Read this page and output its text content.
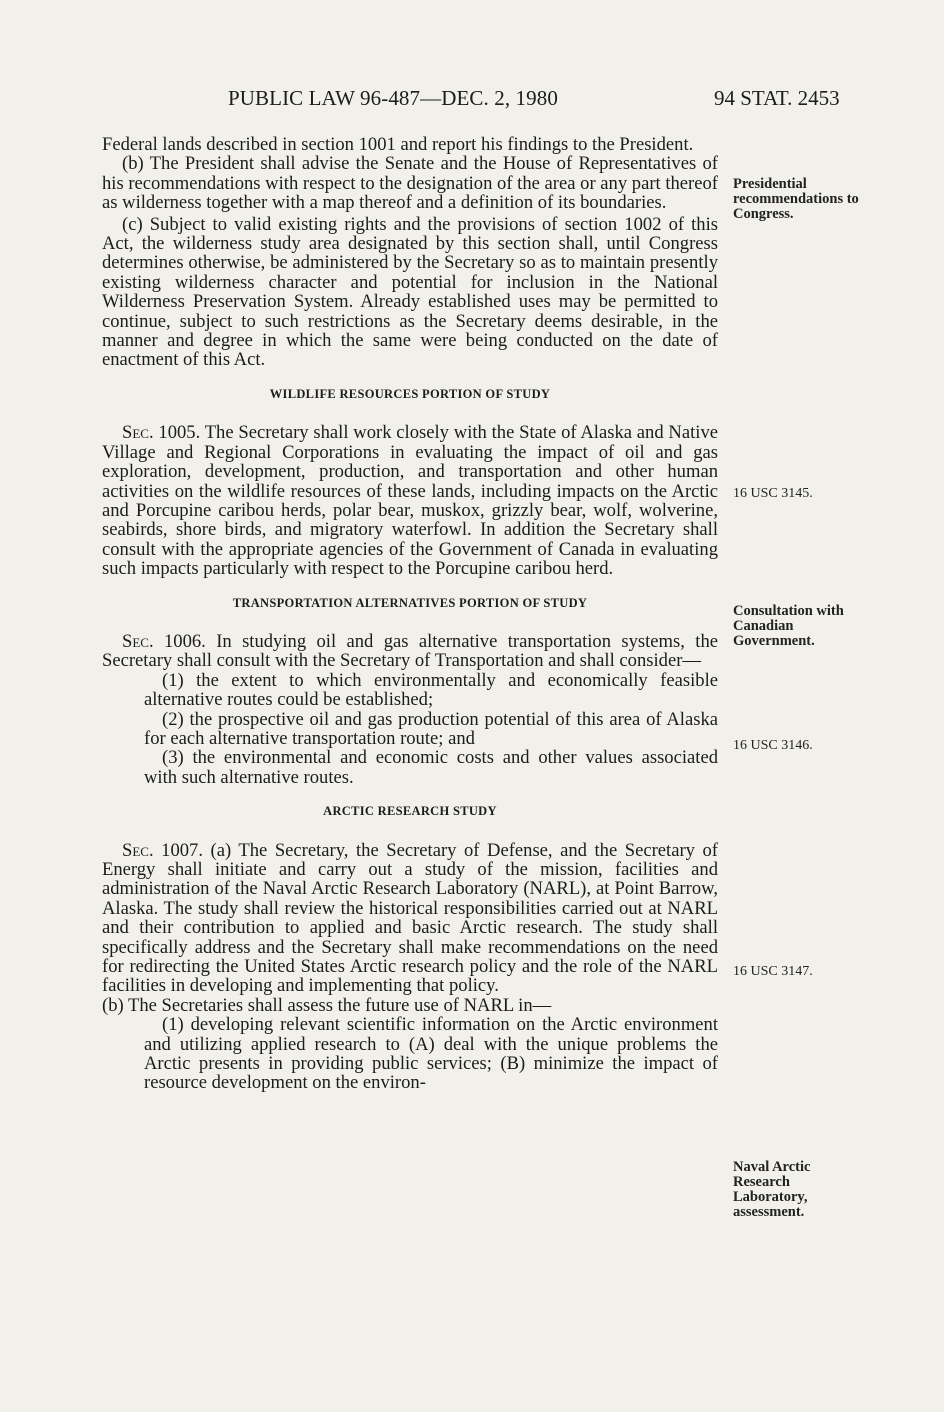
PUBLIC LAW 96-487—DEC. 2, 1980	94 STAT. 2453

Federal lands described in section 1001 and report his findings to the President.

(b) The President shall advise the Senate and the House of Representatives of his recommendations with respect to the designation of the area or any part thereof as wilderness together with a map thereof and a definition of its boundaries.

(c) Subject to valid existing rights and the provisions of section 1002 of this Act, the wilderness study area designated by this section shall, until Congress determines otherwise, be administered by the Secretary so as to maintain presently existing wilderness character and potential for inclusion in the National Wilderness Preservation System. Already established uses may be permitted to continue, subject to such restrictions as the Secretary deems desirable, in the manner and degree in which the same were being conducted on the date of enactment of this Act.

WILDLIFE RESOURCES PORTION OF STUDY

Sec. 1005. The Secretary shall work closely with the State of Alaska and Native Village and Regional Corporations in evaluating the impact of oil and gas exploration, development, production, and transportation and other human activities on the wildlife resources of these lands, including impacts on the Arctic and Porcupine caribou herds, polar bear, muskox, grizzly bear, wolf, wolverine, seabirds, shore birds, and migratory waterfowl. In addition the Secretary shall consult with the appropriate agencies of the Government of Canada in evaluating such impacts particularly with respect to the Porcupine caribou herd.

TRANSPORTATION ALTERNATIVES PORTION OF STUDY

Sec. 1006. In studying oil and gas alternative transportation systems, the Secretary shall consult with the Secretary of Transportation and shall consider—

(1) the extent to which environmentally and economically feasible alternative routes could be established;

(2) the prospective oil and gas production potential of this area of Alaska for each alternative transportation route; and

(3) the environmental and economic costs and other values associated with such alternative routes.

ARCTIC RESEARCH STUDY

Sec. 1007. (a) The Secretary, the Secretary of Defense, and the Secretary of Energy shall initiate and carry out a study of the mission, facilities and administration of the Naval Arctic Research Laboratory (NARL), at Point Barrow, Alaska. The study shall review the historical responsibilities carried out at NARL and their contribution to applied and basic Arctic research. The study shall specifically address and the Secretary shall make recommendations on the need for redirecting the United States Arctic research policy and the role of the NARL facilities in developing and implementing that policy.

(b) The Secretaries shall assess the future use of NARL in—

(1) developing relevant scientific information on the Arctic environment and utilizing applied research to (A) deal with the unique problems the Arctic presents in providing public services; (B) minimize the impact of resource development on the environ-

Presidential recommendations to Congress.
16 USC 3145.
Consultation with Canadian Government.
16 USC 3146.
16 USC 3147.
Naval Arctic Research Laboratory, assessment.
